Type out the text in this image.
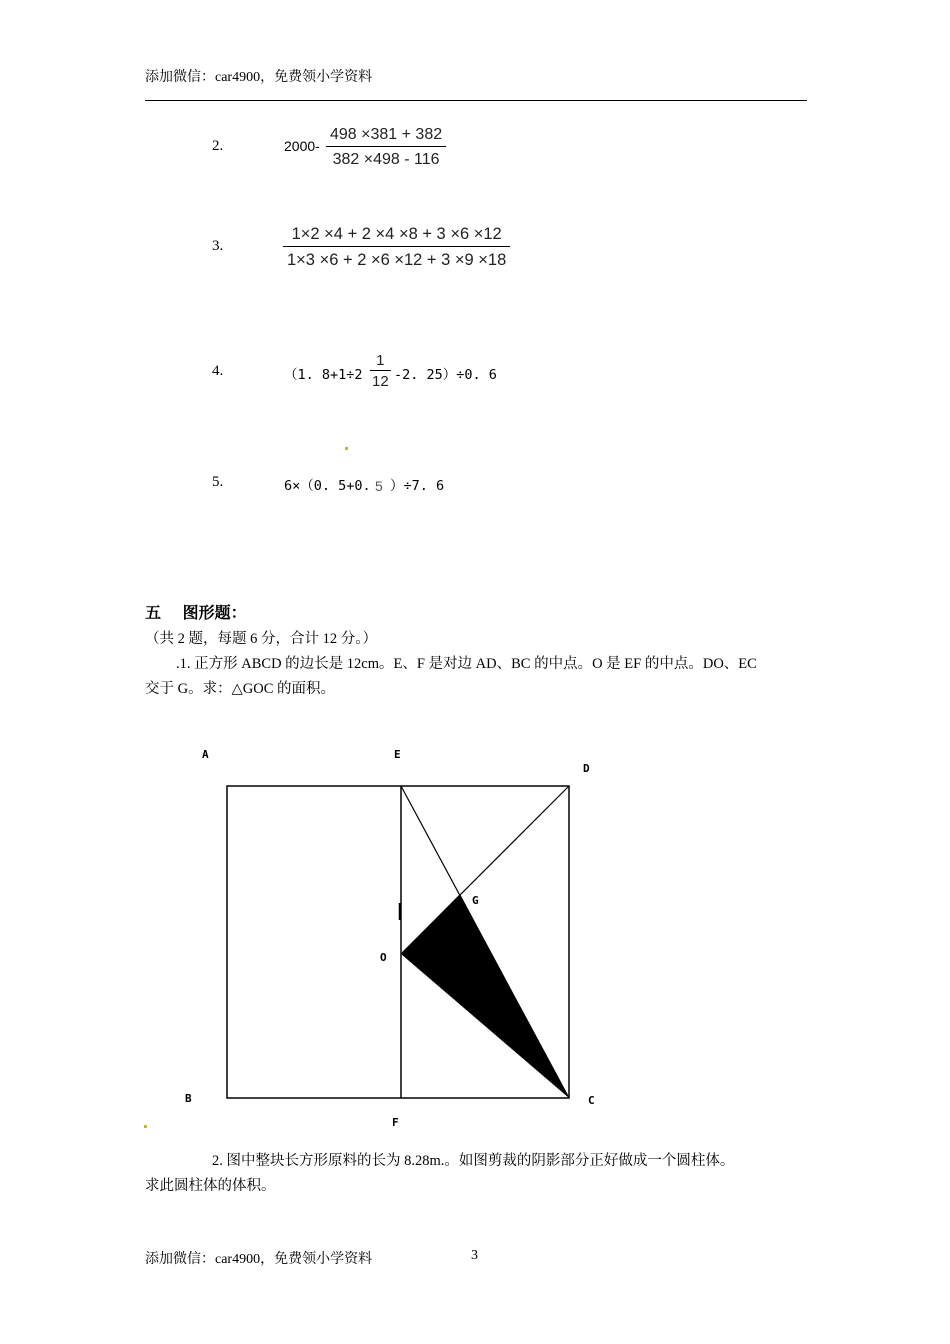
添加微信：car4900，免费领小学资料
2.	2000-
498 ×381 + 382
382 ×498 - 116
3.
1×2 ×4 + 2 ×4 ×8 + 3 ×6 ×12
1×3 ×6 + 2 ×6 ×12 + 3 ×9 ×18
4.	（1. 8+1÷2
1
12 -2. 25）÷0. 6
5.	6×（0. 5+0. 5 ）÷7. 6
五　 图形题：
（共 2 题，每题 6 分，合计 12 分。）
.1. 正方形 ABCD 的边长是 12cm。E、F 是对边 AD、BC 的中点。O 是 EF 的中点。DO、EC
交于 G。求：△GOC 的面积。
A	E
D
G
O
B
F
C
2. 图中整块长方形原料的长为 8.28m.。如图剪裁的阴影部分正好做成一个圆柱体。
求此圆柱体的体积。
添加微信：car4900，免费领小学资料	3
